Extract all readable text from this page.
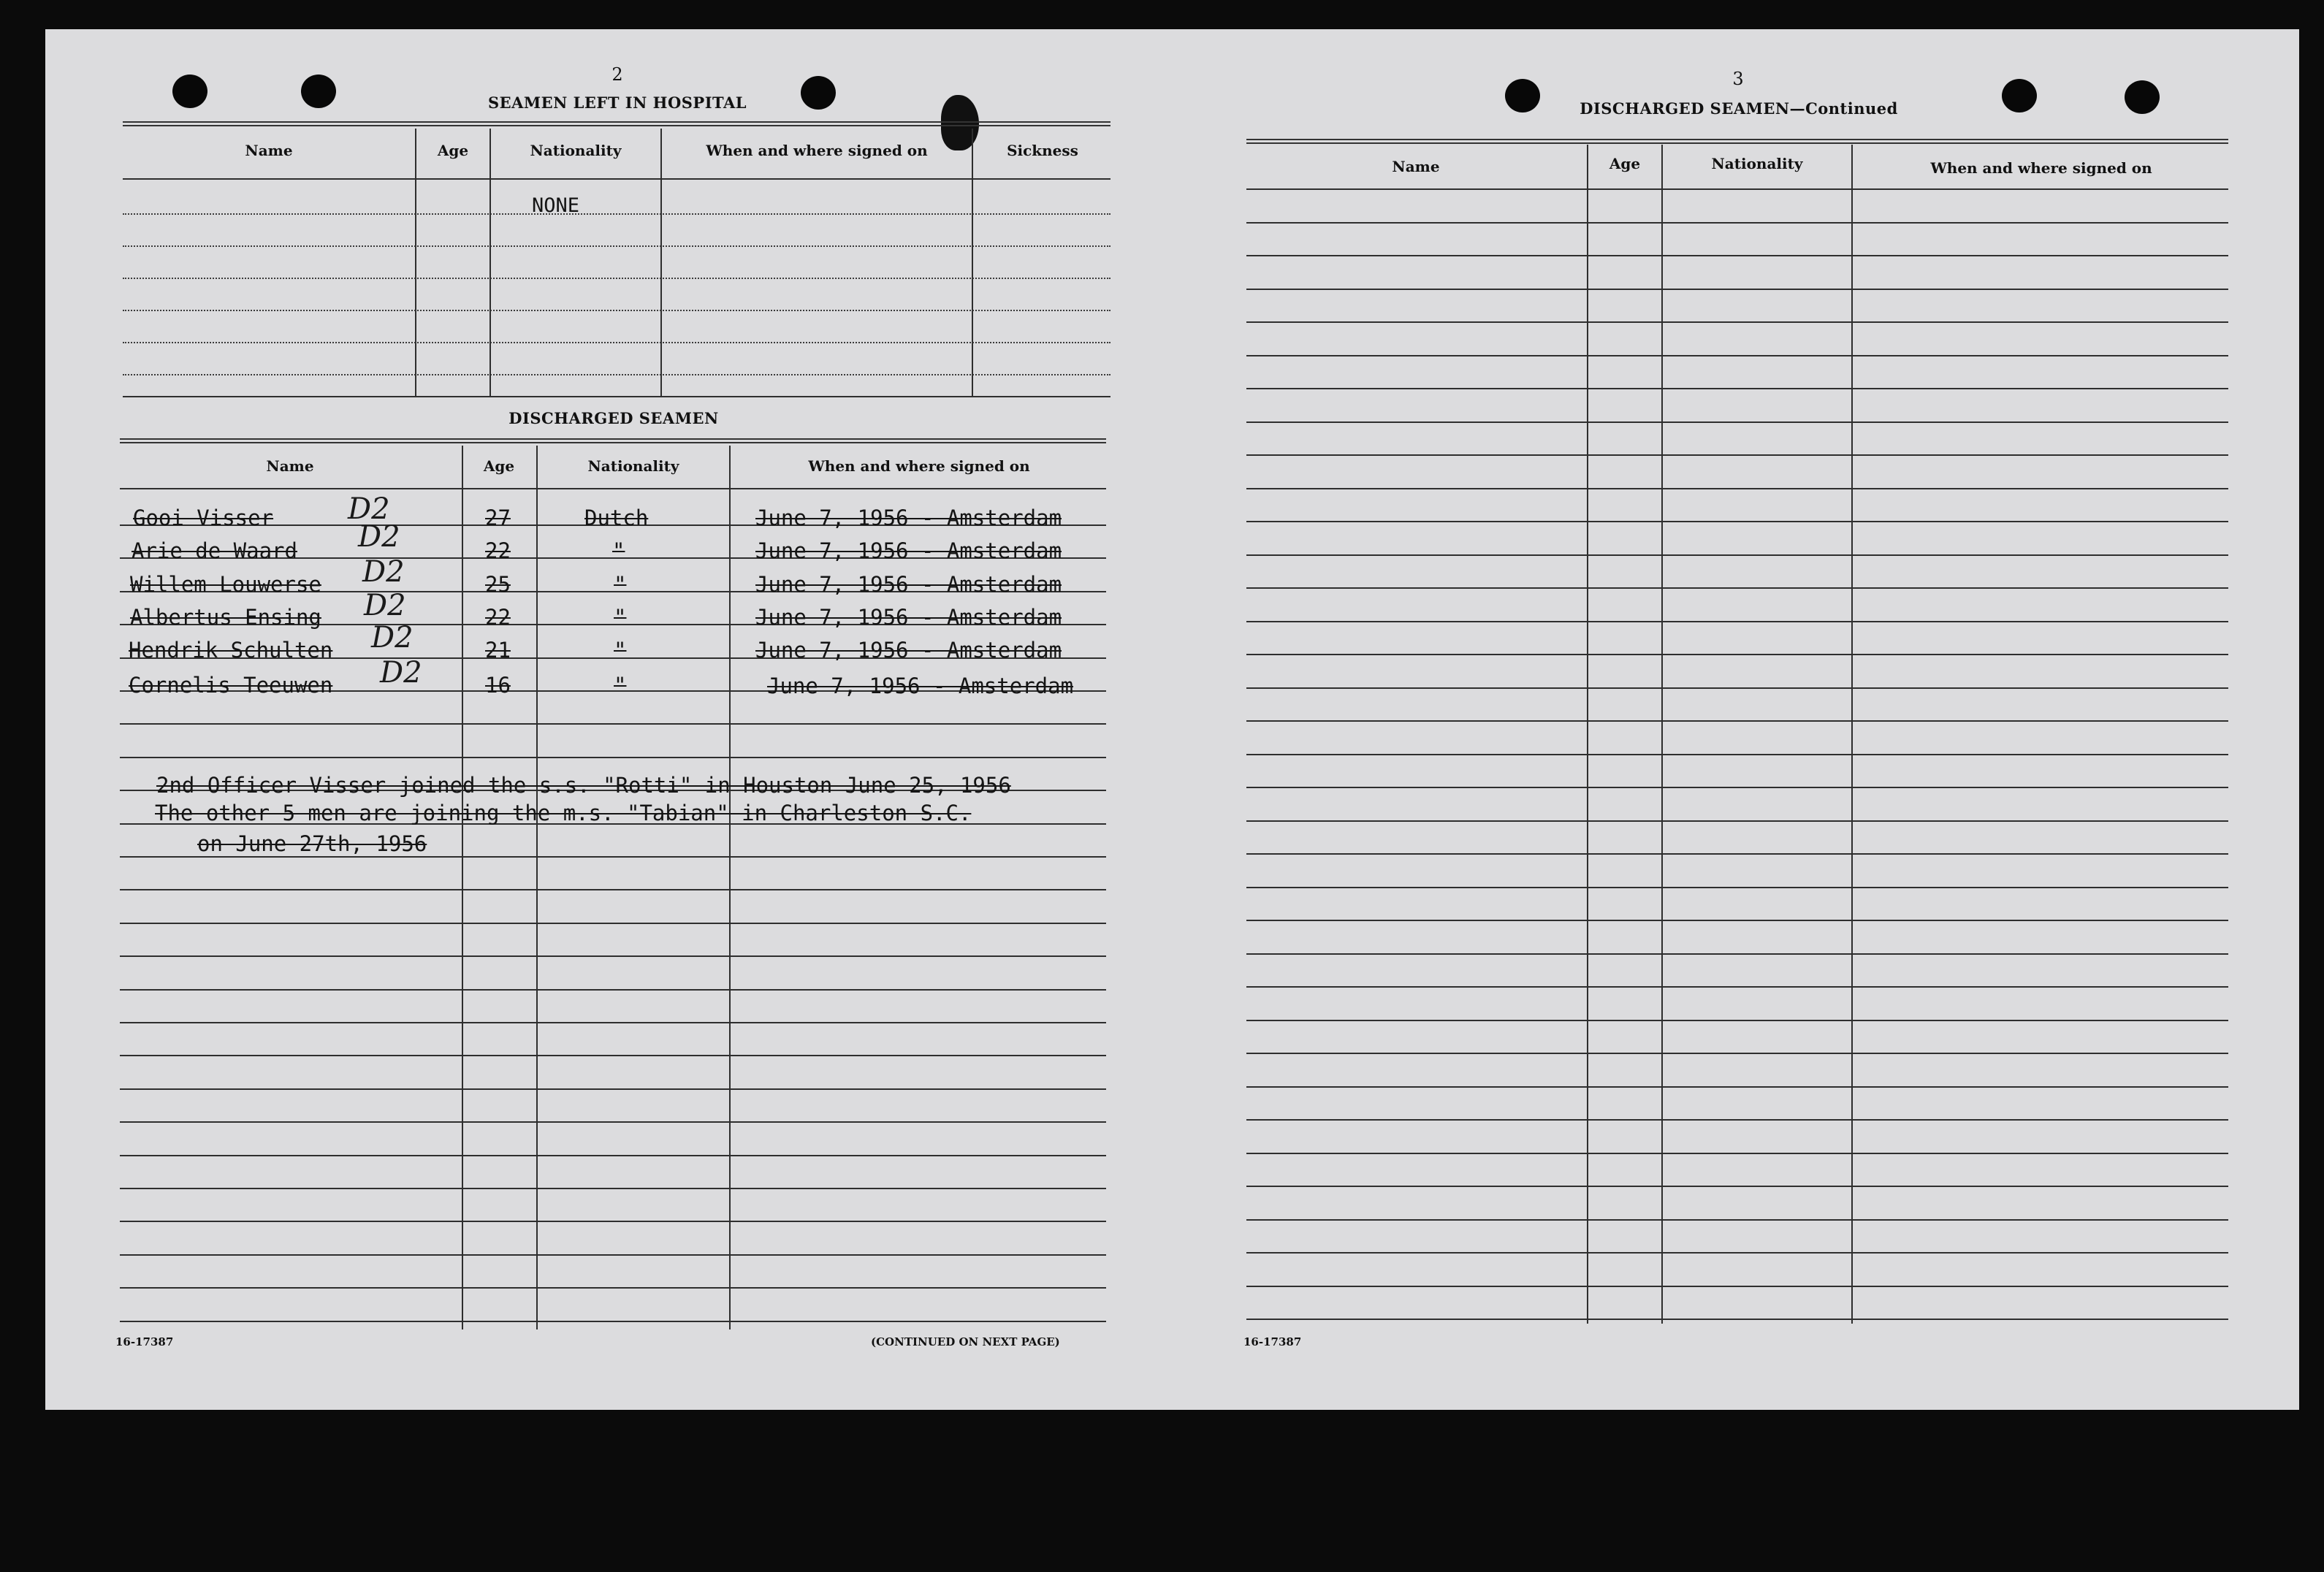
2
SEAMEN LEFT IN HOSPITAL
Name	Age	Nationality	When and where signed on	Sickness
NONE
DISCHARGED SEAMEN
Name	Age	Nationality	When and where signed on
Gooi Visser	D2	27	Dutch	June 7, 1956 - Amsterdam
Arie de Waard D2	22	"	June 7, 1956 - Amsterdam
Willem Louwerse D2	25	"	June 7, 1956 - Amsterdam
Albertus Ensing D2	22	"	June 7, 1956 - Amsterdam
Hendrik Schulten D2	21	"	June 7, 1956 - Amsterdam
Cornelis Teeuwen D2	16	"	June 7, 1956 - Amsterdam
2nd Officer Visser joined the s.s. "Rotti" in Houston June 25, 1956
The other 5 men are joining the m.s. "Tabian" in Charleston S.C.
on June 27th, 1956
16-17387	(CONTINUED ON NEXT PAGE)
3
DISCHARGED SEAMEN—Continued
Name	Age	Nationality	When and where signed on
16-17387
